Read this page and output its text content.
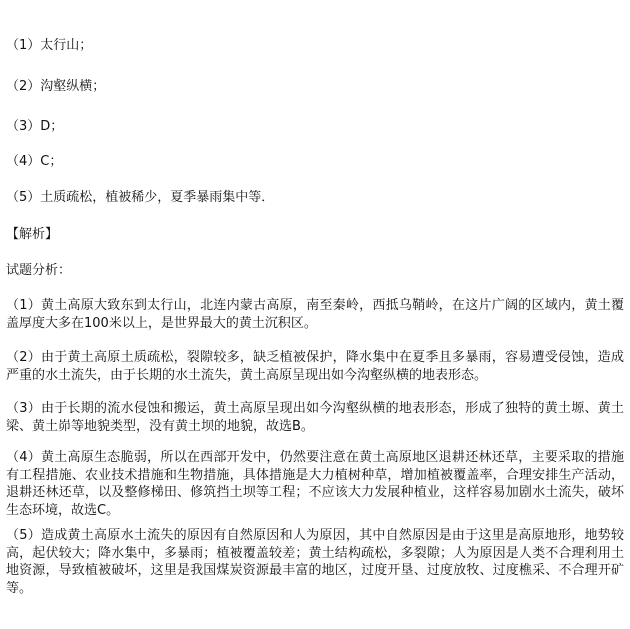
（1）太行山；
（2）沟壑纵横；
（3）D；
（4）C；
（5）土质疏松，植被稀少，夏季暴雨集中等．
【解析】
试题分析：
（1）黄土高原大致东到太行山，北连内蒙古高原，南至秦岭，西抵乌鞘岭，在这片广阔的区域内，黄土覆盖厚度大多在100米以上，是世界最大的黄土沉积区。
（2）由于黄土高原土质疏松，裂隙较多，缺乏植被保护，降水集中在夏季且多暴雨，容易遭受侵蚀，造成严重的水土流失，由于长期的水土流失，黄土高原呈现出如今沟壑纵横的地表形态。
（3）由于长期的流水侵蚀和搬运，黄土高原呈现出如今沟壑纵横的地表形态，形成了独特的黄土塬、黄土梁、黄土峁等地貌类型，没有黄土坝的地貌，故选B。
（4）黄土高原生态脆弱，所以在西部开发中，仍然要注意在黄土高原地区退耕还林还草，主要采取的措施有工程措施、农业技术措施和生物措施，具体措施是大力植树种草，增加植被覆盖率，合理安排生产活动，退耕还林还草，以及整修梯田、修筑挡土坝等工程；不应该大力发展种植业，这样容易加剧水土流失，破坏生态环境，故选C。
（5）造成黄土高原水土流失的原因有自然原因和人为原因，其中自然原因是由于这里是高原地形，地势较高，起伏较大；降水集中，多暴雨；植被覆盖较差；黄土结构疏松，多裂隙；人为原因是人类不合理利用土地资源，导致植被破坏，这里是我国煤炭资源最丰富的地区，过度开垦、过度放牧、过度樵采、不合理开矿等。
